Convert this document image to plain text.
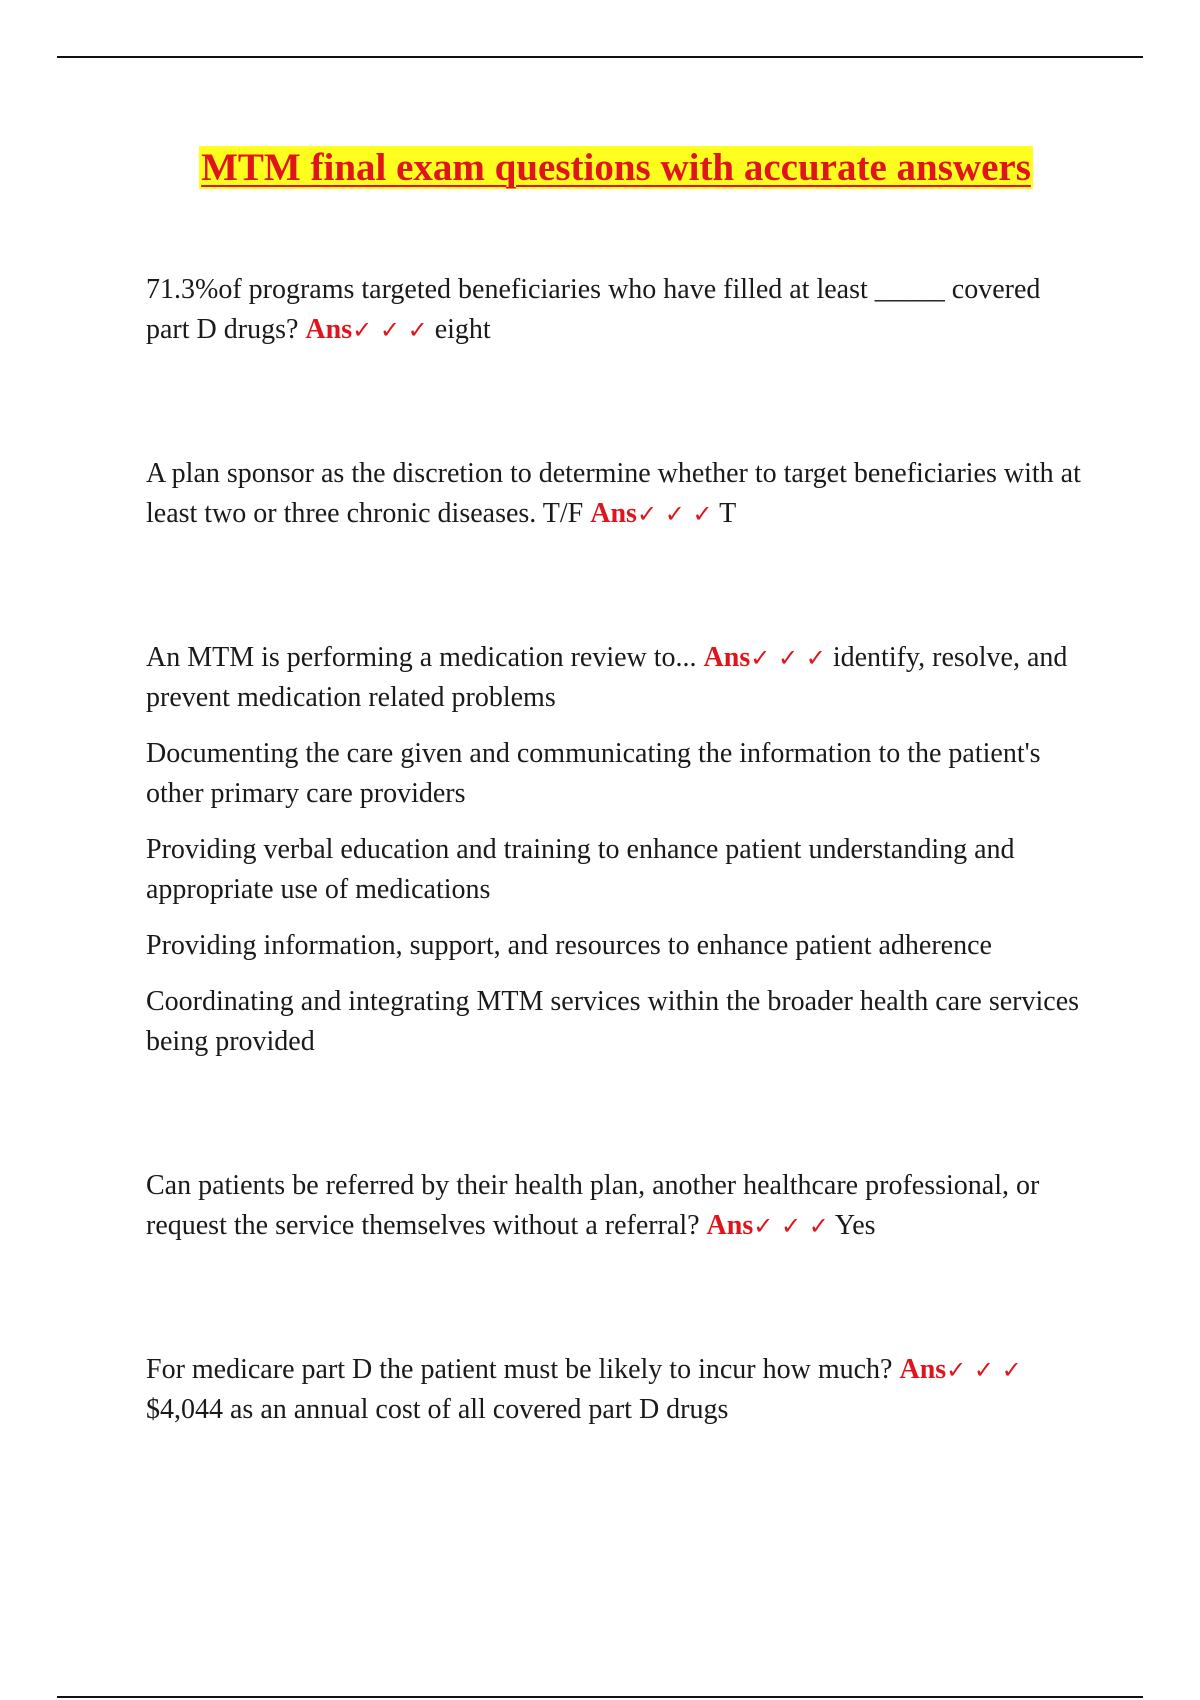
MTM final exam questions with accurate answers

71.3%of programs targeted beneficiaries who have filled at least _____ covered part D drugs? Ans✓ ✓ ✓ eight

A plan sponsor as the discretion to determine whether to target beneficiaries with at least two or three chronic diseases. T/F Ans✓ ✓ ✓ T

An MTM is performing a medication review to... Ans✓ ✓ ✓ identify, resolve, and prevent medication related problems

Documenting the care given and communicating the information to the patient's other primary care providers

Providing verbal education and training to enhance patient understanding and appropriate use of medications

Providing information, support, and resources to enhance patient adherence

Coordinating and integrating MTM services within the broader health care services being provided

Can patients be referred by their health plan, another healthcare professional, or request the service themselves without a referral? Ans✓ ✓ ✓ Yes

For medicare part D the patient must be likely to incur how much? Ans✓ ✓ ✓ $4,044 as an annual cost of all covered part D drugs
